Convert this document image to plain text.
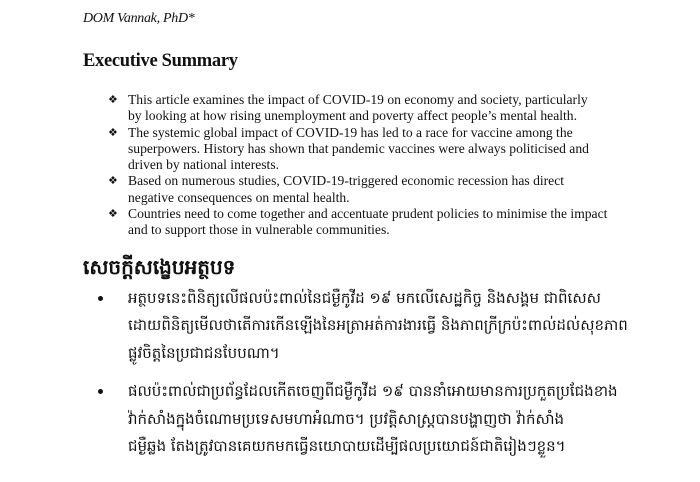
DOM Vannak, PhD*
Executive Summary
❖ This article examines the impact of COVID-19 on economy and society, particularly
by looking at how rising unemployment and poverty affect people’s mental health.
❖ The systemic global impact of COVID-19 has led to a race for vaccine among the
superpowers. History has shown that pandemic vaccines were always politicised and
driven by national interests.
❖ Based on numerous studies, COVID-19-triggered economic recession has direct
negative consequences on mental health.
❖ Countries need to come together and accentuate prudent policies to minimise the impact
and to support those in vulnerable communities.
សេចក្តីសង្ខេបអត្ថបទ
អត្ថបទនេះពិនិត្យលើផលប៉ះពាល់នៃជម្ងឺកូវីដ ១៩ មកលើសេដ្ឋកិច្ច និងសង្គម ជាពិសេស
ដោយពិនិត្យមើលថាតើការកើនឡើងនៃអត្រាអត់ការងារធ្វើ និងភាពក្រីក្រប៉ះពាល់ដល់សុខភាព
ផ្លូវចិត្តនៃប្រជាជនបែបណា។
ផលប៉ះពាល់ជាប្រព័ន្ធដែលកើតចេញពីជម្ងឺកូវីដ ១៩ បាននាំអោយមានការប្រកួតប្រជែងខាង
វ៉ាក់សាំងក្នុងចំណោមប្រទេសមហាអំណាច។ ប្រវត្តិសាស្ត្របានបង្ហាញថា វ៉ាក់សាំង
ជម្ងឺឆ្លង តែងត្រូវបានគេយកមកធ្វើនយោបាយដើម្បីផលប្រយោជន៍ជាតិរៀងៗខ្លួន។
